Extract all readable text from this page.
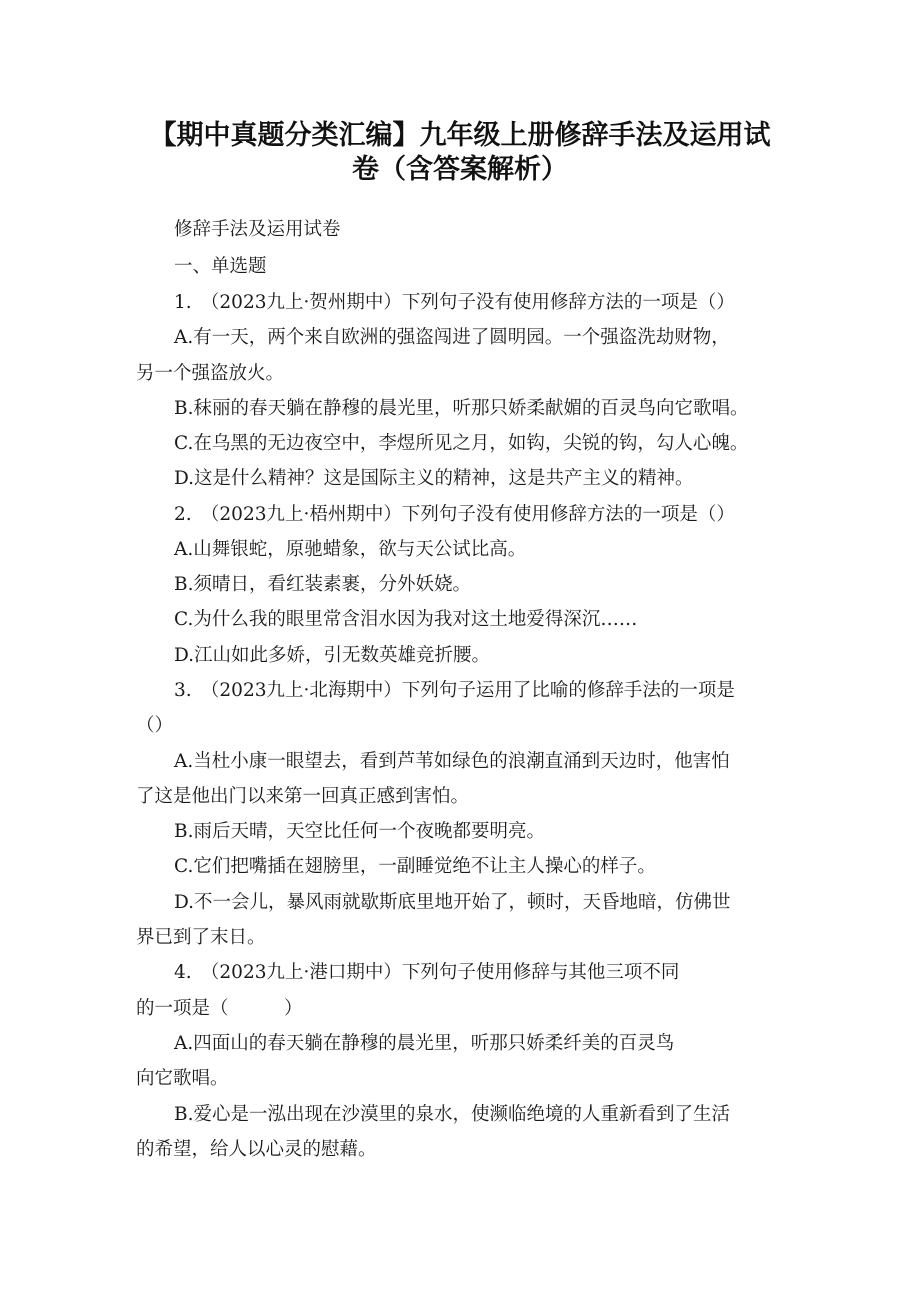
【期中真题分类汇编】九年级上册修辞手法及运用试
卷（含答案解析）
修辞手法及运用试卷
一、单选题
1.　（2023九上·贺州期中）下列句子没有使用修辞方法的一项是（）
A.有一天，两个来自欧洲的强盗闯进了圆明园。一个强盗洗劫财物，
另一个强盗放火。
B.秣丽的春天躺在静穆的晨光里，听那只娇柔献媚的百灵鸟向它歌唱。
C.在乌黑的无边夜空中，李煜所见之月，如钩，尖锐的钩，勾人心魄。
D.这是什么精神？这是国际主义的精神，这是共产主义的精神。
2.　（2023九上·梧州期中）下列句子没有使用修辞方法的一项是（）
A.山舞银蛇，原驰蜡象，欲与天公试比高。
B.须晴日，看红装素裹，分外妖娆。
C.为什么我的眼里常含泪水因为我对这土地爱得深沉……
D.江山如此多娇，引无数英雄竞折腰。
3.　（2023九上·北海期中）下列句子运用了比喻的修辞手法的一项是
（）
A.当杜小康一眼望去，看到芦苇如绿色的浪潮直涌到天边时，他害怕
了这是他出门以来第一回真正感到害怕。
B.雨后天晴，天空比任何一个夜晚都要明亮。
C.它们把嘴插在翅膀里，一副睡觉绝不让主人操心的样子。
D.不一会儿，暴风雨就歇斯底里地开始了，顿时，天昏地暗，仿佛世
界已到了末日。
4.　（2023九上·港口期中）下列句子使用修辞与其他三项不同
的一项是（　　　）
A.四面山的春天躺在静穆的晨光里，听那只娇柔纤美的百灵鸟
向它歌唱。
B.爱心是一泓出现在沙漠里的泉水，使濒临绝境的人重新看到了生活
的希望，给人以心灵的慰藉。
